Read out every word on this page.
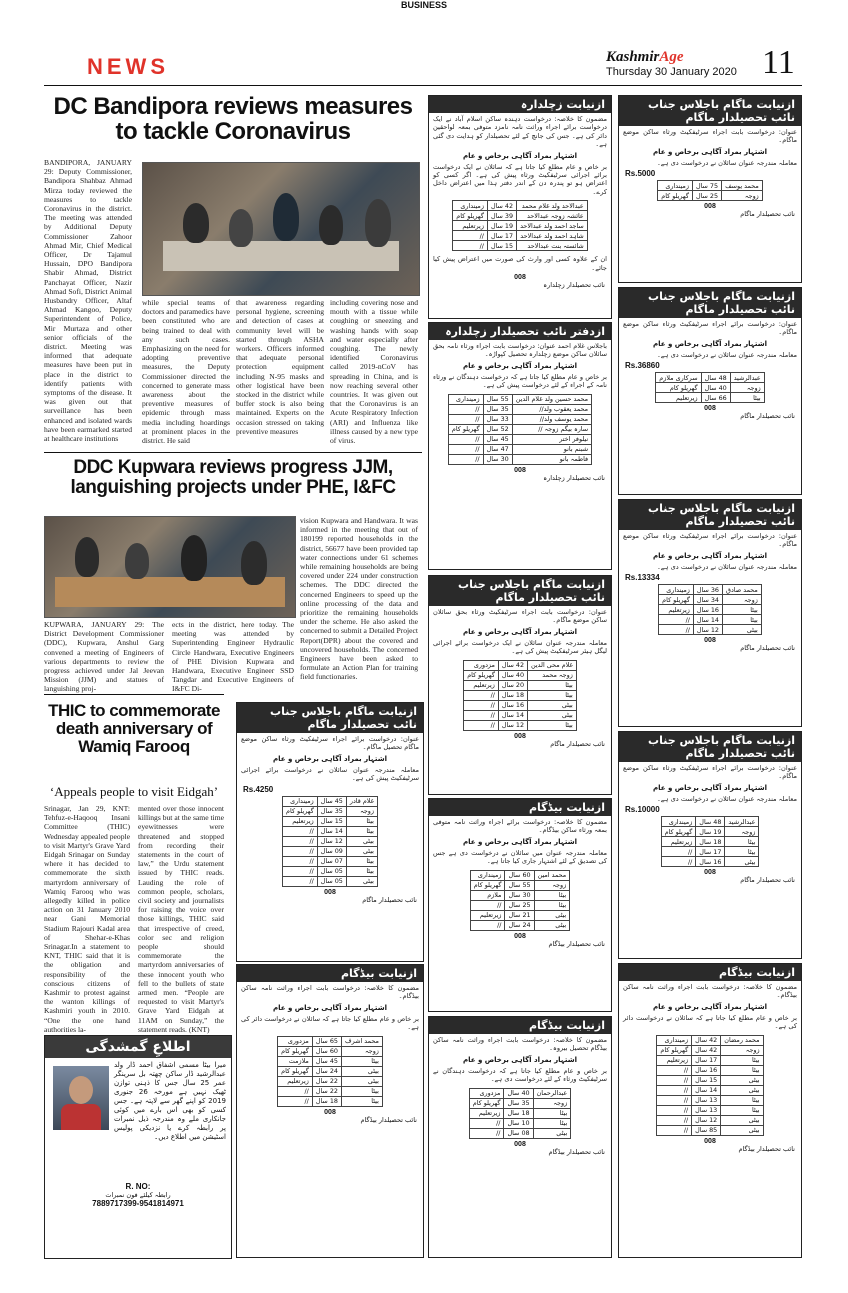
BUSINESS
NEWS	KashmirAge
Thursday 30 January 2020 11
DC Bandipora reviews measures to tackle Coronavirus
BANDIPORA, JANUARY 29: Deputy Commissioner, Bandipora Shahbaz Ahmad Mirza today reviewed the measures to tackle Coronavirus in the district. The meeting was attended by Additional Deputy Commissioner Zahoor Ahmad Mir, Chief Medical Officer, Dr Tajamul Hussain, DPO Bandipora Shabir Ahmad, District Panchayat Officer, Nazir Ahmad Sofi, District Animal Husbandry Officer, Altaf Ahmad Kangoo, Deputy Superintendent of Police, Mir Murtaza and other senior officials of the district. Meeting was informed that adequate measures have been put in place in the district to identify patients with symptoms of the disease. It was given out that surveillance has been enhanced and isolated wards have been earmarked started at healthcare institutions
while special teams of doctors and paramedics have been constituted who are being trained to deal with any such cases. Emphasizing on the need for adopting preventive measures, the Deputy Commissioner directed the concerned to generate mass awareness about the preventive measures of epidemic through mass media including hoardings at prominent places in the district. He said
that awareness regarding personal hygiene, screening and detection of cases at community level will be started through ASHA workers. Officers informed that adequate personal protection equipment including N-95 masks and other logistical have been stocked in the district while buffer stock is also being maintained. Experts on the occasion stressed on taking preventive measures
including covering nose and mouth with a tissue while coughing or sneezing and washing hands with soap and water especially after coughing. The newly identified Coronavirus called 2019-nCoV has spreading in China, and is now reaching several other countries. It was given out that the Coronavirus is an Acute Respiratory Infection (ARI) and Influenza like illness caused by a new type of virus.
DDC Kupwara reviews progress JJM, languishing projects under PHE, I&FC
KUPWARA, JANUARY 29: The District Development Commissioner (DDC), Kupwara, Anshul Garg convened a meeting of Engineers of various departments to review the progress achieved under Jal Jeevan Mission (JJM) and statues of languishing proj-
ects in the district, here today. The meeting was attended by Superintending Engineer Hydraulic Circle Handwara, Executive Engineers of PHE Division Kupwara and Handwara, Executive Engineer SSD Tangdar and Executive Engineers of I&FC Di-
vision Kupwara and Handwara. It was informed in the meeting that out of 180199 reported households in the district, 56677 have been provided tap water connections under 61 schemes while remaining households are being covered under 224 under construction schemes. The DDC directed the concerned Engineers to speed up the online processing of the data and prioritize the remaining households under the scheme. He also asked the concerned to submit a Detailed Project Report(DPR) about the covered and uncovered households. The concerned Engineers have been asked to formulate an Action Plan for training field functionaries.
THIC to commemorate death anniversary of Wamiq Farooq
‘Appeals people to visit Eidgah’
Srinagar, Jan 29, KNT: Tehfuz-e-Haqooq Insani Committee (THIC) Wednesday appealed people to visit Martyr's Grave Yard Eidgah Srinagar on Sunday where it has decided to commemorate the sixth martyrdom anniversary of Wamiq Farooq who was allegedly killed in police action on 31 January 2010 near Gani Memorial Stadium Rajouri Kadal area of Shehar-e-Khas Srinagar.In a statement to KNT, THIC said that it is the obligation and responsibility of the conscious citizens of Kashmir to protest against the wanton killings of Kashmiri youth in 2010. “One the one hand authorities la-
mented over those innocent killings but at the same time eyewitnesses were threatened and stopped from recording their statements in the court of law,” the Urdu statement issued by THIC reads. Lauding the role of common people, scholars, civil society and journalists for raising the voice over those killings, THIC said that irrespective of creed, color sec and religion people should commemorate the martyrdom anniversaries of these innocent youth who fell to the bullets of state armed men. “People are requested to visit Martyr's Grave Yard Eidgah at 11AM on Sunday,” the statement reads. (KNT)
اطلاعِ گمشدگی
میرا بیٹا مسمی اشفاق احمد ڈار ولد عبدالرشید ڈار ساکن چھتہ بل سرینگر عمر 25 سال جس کا ذہنی توازن ٹھیک نہیں ہے مورخہ 26 جنوری 2019 کو اپنے گھر سے لاپتہ ہے۔ جس کسی کو بھی اس بارے میں کوئی جانکاری ملے وہ مندرجہ ذیل نمبرات پر رابطہ کرے یا نزدیکی پولیس اسٹیشن میں اطلاع دیں۔
R. NO:
رابطہ کیلئے فون نمبرات
7889717399-9541814971
ازنیابت زچلدارہ
مضمون کا خلاصہ: درخواست دہندہ ساکن اسلام آباد نے ایک درخواست برائے اجراء وراثت نامہ نامزد متوفی بمعہ لواحقین دائر کی ہے۔ جس کی جانچ کے لئے تحصیلدار کو ہدایت دی گئی ہے۔
اشتہار بمراد آگاہی برخاص و عام
بر خاص و عام مطلع کیا جاتا ہے کہ سائلان نے ایک درخواست برائے اجرائی سرٹیفکیٹ ورثاء پیش کی ہے۔ اگر کسی کو اعتراض ہو تو پندرہ دن کے اندر دفتر ہذا میں اعتراض داخل کرے۔
عبدالاحد ولد غلام محمد	42 سال	زمینداری
عائشہ زوجہ عبدالاحد	39 سال	گھریلو کام
ساجد احمد ولد عبدالاحد	19 سال	زیرتعلیم
شاہد احمد ولد عبدالاحد	17 سال	//
شائستہ بنت عبدالاحد	15 سال	//
ان کے علاوہ کسی اور وارث کی صورت میں اعتراض پیش کیا جائے۔
008
نائب تحصیلدار زچلدارہ
ازدفتر نائب تحصیلدار زچلدارہ
باجلاس غلام احمد عنوان: درخواست بابت اجراء ورثاء نامہ بحق سائلان ساکن موضع زچلدارہ تحصیل کپواڑہ۔
اشتہار بمراد آگاہی برخاص و عام
بر خاص و عام مطلع کیا جاتا ہے کہ درخواست دہندگان نے ورثاء نامہ کے اجراء کے لئے درخواست پیش کی ہے۔
محمد حسین ولد غلام الدین	55 سال	زمینداری
محمد یعقوب ولد//	35 سال	//
محمد یوسف ولد//	33 سال	//
سارہ بیگم زوجہ //	52 سال	گھریلو کام
نیلوفر اختر	45 سال	//
شبنم بانو	47 سال	//
فاطمہ بانو	30 سال	//
008
نائب تحصیلدار زچلدارہ
ازنیابت ماگام باجلاس جناب نائب تحصیلدار ماگام
عنوان: درخواست بابت اجراء سرٹیفکیٹ ورثاء بحق سائلان ساکن موضع ماگام۔
اشتہار بمراد آگاہی برخاص و عام
معاملہ مندرجہ عنوان سائلان نے ایک درخواست برائے اجرائی لیگل ہیئر سرٹیفکیٹ پیش کی ہے۔
غلام محی الدین	42 سال	مزدوری
زوجہ محمد	40 سال	گھریلو کام
بیٹا	20 سال	زیرتعلیم
بیٹا	18 سال	//
بیٹی	16 سال	//
بیٹی	14 سال	//
بیٹا	12 سال	//
008
نائب تحصیلدار ماگام
ازنیابت بیڈگام
مضمون کا خلاصہ: درخواست برائے اجراء وراثت نامہ متوفی بمعہ ورثاء ساکن بیڈگام۔
اشتہار بمراد آگاہی برخاص و عام
معاملہ مندرجہ عنوان میں سائلان نے درخواست دی ہے جس کی تصدیق کے لئے اشتہار جاری کیا جاتا ہے۔
محمد امین	60 سال	زمینداری
زوجہ	55 سال	گھریلو کام
بیٹا	30 سال	ملازم
بیٹا	25 سال	//
بیٹی	21 سال	زیرتعلیم
بیٹی	24 سال	//
008
نائب تحصیلدار بیڈگام
ازنیابت بیڈگام
مضمون کا خلاصہ: درخواست بابت اجراء وراثت نامہ ساکن بیڈگام تحصیل بیروہ۔
اشتہار بمراد آگاہی برخاص و عام
بر خاص و عام مطلع کیا جاتا ہے کہ درخواست دہندگان نے سرٹیفکیٹ ورثاء کے لئے درخواست دی ہے۔
عبدالرحمان	40 سال	مزدوری
زوجہ	35 سال	گھریلو کام
بیٹا	18 سال	زیرتعلیم
بیٹا	10 سال	//
بیٹی	08 سال	//
008
نائب تحصیلدار بیڈگام
ازنیابت ماگام باجلاس جناب نائب تحصیلدار ماگام
عنوان: درخواست برائے اجراء سرٹیفکیٹ ورثاء ساکن موضع ماگام تحصیل ماگام۔
اشتہار بمراد آگاہی برخاص و عام
معاملہ مندرجہ عنوان سائلان نے درخواست برائے اجرائی سرٹیفکیٹ پیش کی ہے۔
Rs.4250
غلام قادر	45 سال	زمینداری
زوجہ	35 سال	گھریلو کام
بیٹا	15 سال	زیرتعلیم
بیٹا	14 سال	//
بیٹی	12 سال	//
بیٹی	09 سال	//
بیٹا	07 سال	//
بیٹا	05 سال	//
بیٹی	05 سال	//
008
نائب تحصیلدار ماگام
ازنیابت بیڈگام
مضمون کا خلاصہ: درخواست بابت اجراء وراثت نامہ ساکن بیڈگام۔
اشتہار بمراد آگاہی برخاص و عام
بر خاص و عام مطلع کیا جاتا ہے کہ سائلان نے درخواست دائر کی ہے۔
محمد اشرف	65 سال	مزدوری
زوجہ	60 سال	گھریلو کام
بیٹا	45 سال	ملازمت
بیٹی	24 سال	گھریلو کام
بیٹی	22 سال	زیرتعلیم
بیٹا	22 سال	//
بیٹا	18 سال	//
008
نائب تحصیلدار بیڈگام
ازنیابت ماگام باجلاس جناب نائب تحصیلدار ماگام
عنوان: درخواست بابت اجراء سرٹیفکیٹ ورثاء ساکن موضع ماگام۔
اشتہار بمراد آگاہی برخاص و عام
معاملہ مندرجہ عنوان سائلان نے درخواست دی ہے۔
Rs.5000
محمد یوسف	75 سال	زمینداری
زوجہ	25 سال	گھریلو کام
008
نائب تحصیلدار ماگام
ازنیابت ماگام باجلاس جناب نائب تحصیلدار ماگام
عنوان: درخواست برائے اجراء سرٹیفکیٹ ورثاء ساکن موضع ماگام۔
اشتہار بمراد آگاہی برخاص و عام
معاملہ مندرجہ عنوان سائلان نے درخواست دی ہے۔
Rs.36860
عبدالرشید	48 سال	سرکاری ملازم
زوجہ	40 سال	گھریلو کام
بیٹا	66 سال	زیرتعلیم
008
نائب تحصیلدار ماگام
ازنیابت ماگام باجلاس جناب نائب تحصیلدار ماگام
عنوان: درخواست برائے اجراء سرٹیفکیٹ ورثاء ساکن موضع ماگام۔
اشتہار بمراد آگاہی برخاص و عام
معاملہ مندرجہ عنوان سائلان نے درخواست دی ہے۔
Rs.13334
محمد صادق	36 سال	زمینداری
زوجہ	34 سال	گھریلو کام
بیٹا	16 سال	زیرتعلیم
بیٹا	14 سال	//
بیٹی	12 سال	//
008
نائب تحصیلدار ماگام
ازنیابت ماگام باجلاس جناب نائب تحصیلدار ماگام
عنوان: درخواست برائے اجراء سرٹیفکیٹ ورثاء ساکن موضع ماگام۔
اشتہار بمراد آگاہی برخاص و عام
معاملہ مندرجہ عنوان سائلان نے درخواست دی ہے۔
Rs.10000
عبدالرشید	48 سال	زمینداری
زوجہ	19 سال	گھریلو کام
بیٹا	18 سال	زیرتعلیم
بیٹا	17 سال	//
بیٹی	16 سال	//
008
نائب تحصیلدار ماگام
ازنیابت بیڈگام
مضمون کا خلاصہ: درخواست بابت اجراء وراثت نامہ ساکن بیڈگام۔
اشتہار بمراد آگاہی برخاص و عام
بر خاص و عام مطلع کیا جاتا ہے کہ سائلان نے درخواست دائر کی ہے۔
محمد رمضان	42 سال	زمینداری
زوجہ	42 سال	گھریلو کام
بیٹا	17 سال	زیرتعلیم
بیٹا	16 سال	//
بیٹی	15 سال	//
بیٹی	14 سال	//
بیٹا	13 سال	//
بیٹا	13 سال	//
بیٹی	12 سال	//
بیٹی	85 سال	//
008
نائب تحصیلدار بیڈگام
